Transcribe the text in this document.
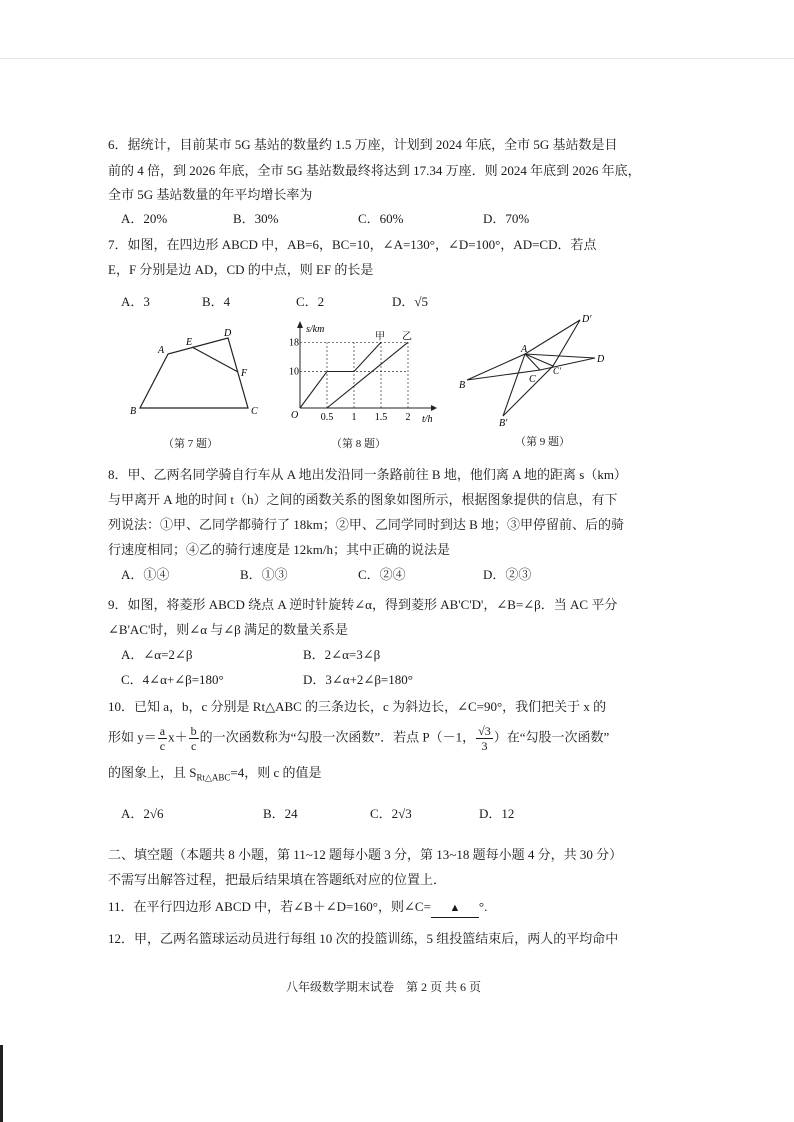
6．据统计，目前某市 5G 基站的数量约 1.5 万座，计划到 2024 年底，全市 5G 基站数是目
前的 4 倍，到 2026 年底，全市 5G 基站数最终将达到 17.34 万座．则 2024 年底到 2026 年底，
全市 5G 基站数量的年平均增长率为
A．20%	B．30%	C．60%	D．70%
7．如图，在四边形 ABCD 中，AB=6，BC=10，∠A=130°，∠D=100°，AD=CD．若点
E，F 分别是边 AD，CD 的中点，则 EF 的长是
A．3	B．4	C．2	D．√5
A
B	C
D
E
F
（第 7 题）
s/km
t/h
O
18
10
0.5 1 1.5 2
甲 乙
（第 8 题）
D'
A
D
B
C
C'
B'
（第 9 题）
8．甲、乙两名同学骑自行车从 A 地出发沿同一条路前往 B 地，他们离 A 地的距离 s（km）
与甲离开 A 地的时间 t（h）之间的函数关系的图象如图所示，根据图象提供的信息，有下
列说法：①甲、乙同学都骑行了 18km；②甲、乙同学同时到达 B 地；③甲停留前、后的骑
行速度相同；④乙的骑行速度是 12km/h；其中正确的说法是
A．①④	B．①③	C．②④	D．②③
9．如图，将菱形 ABCD 绕点 A 逆时针旋转∠α，得到菱形 AB'C'D'，∠B=∠β．当 AC 平分
∠B'AC'时，则∠α 与∠β 满足的数量关系是
A．∠α=2∠β	B．2∠α=3∠β
C．4∠α+∠β=180°	D．3∠α+2∠β=180°
10．已知 a，b，c 分别是 Rt△ABC 的三条边长，c 为斜边长，∠C=90°，我们把关于 x 的
形如 $y= \frac{a}{c} x+ \frac{b}{c}$ 的一次函数称为“勾股一次函数”．若点 P（－1， $\frac{√3}{3}$ ）在“勾股一次函数”
的图象上，且 $S_{Rt\triangle ABC}=4$，则 c 的值是
A．2√6	B．24	C．2√3	D．12
二、填空题（本题共 8 小题，第 11~12 题每小题 3 分，第 13~18 题每小题 4 分，共 30 分）
不需写出解答过程，把最后结果填在答题纸对应的位置上．
11．在平行四边形 ABCD 中，若∠B＋∠D=160°，则∠C= ▲ °.
12．甲，乙两名篮球运动员进行每组 10 次的投篮训练，5 组投篮结束后，两人的平均命中
八年级数学期末试卷　第 2 页 共 6 页
